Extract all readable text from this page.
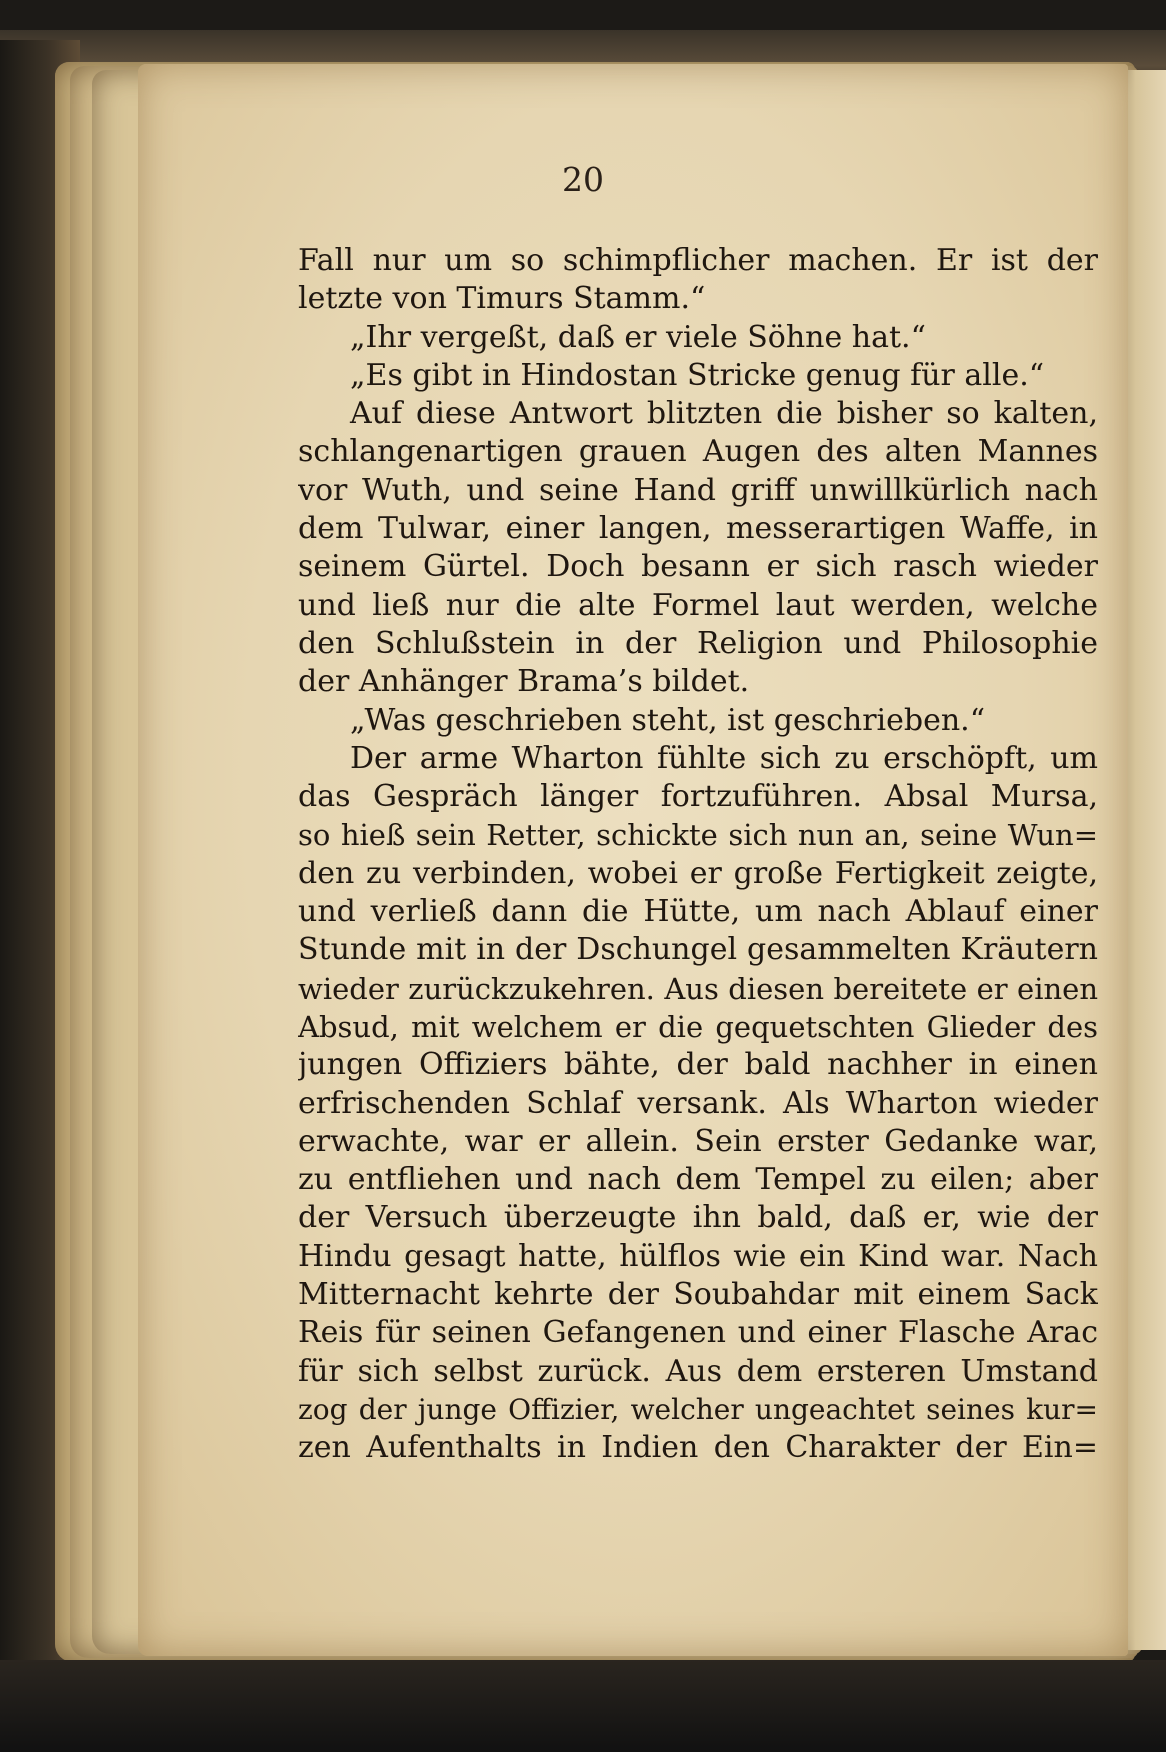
20
Fall nur um so schimpflicher machen. Er ist der
letzte von Timurs Stamm.“
„Ihr vergeßt, daß er viele Söhne hat.“
„Es gibt in Hindostan Stricke genug für alle.“
Auf diese Antwort blitzten die bisher so kalten,
schlangenartigen grauen Augen des alten Mannes
vor Wuth, und seine Hand griff unwillkürlich nach
dem Tulwar, einer langen, messerartigen Waffe, in
seinem Gürtel. Doch besann er sich rasch wieder
und ließ nur die alte Formel laut werden, welche
den Schlußstein in der Religion und Philosophie
der Anhänger Brama’s bildet.
„Was geschrieben steht, ist geschrieben.“
Der arme Wharton fühlte sich zu erschöpft, um
das Gespräch länger fortzuführen. Absal Mursa,
so hieß sein Retter, schickte sich nun an, seine Wun=
den zu verbinden, wobei er große Fertigkeit zeigte,
und verließ dann die Hütte, um nach Ablauf einer
Stunde mit in der Dschungel gesammelten Kräutern
wieder zurückzukehren. Aus diesen bereitete er einen
Absud, mit welchem er die gequetschten Glieder des
jungen Offiziers bähte, der bald nachher in einen
erfrischenden Schlaf versank. Als Wharton wieder
erwachte, war er allein. Sein erster Gedanke war,
zu entfliehen und nach dem Tempel zu eilen; aber
der Versuch überzeugte ihn bald, daß er, wie der
Hindu gesagt hatte, hülflos wie ein Kind war. Nach
Mitternacht kehrte der Soubahdar mit einem Sack
Reis für seinen Gefangenen und einer Flasche Arac
für sich selbst zurück. Aus dem ersteren Umstand
zog der junge Offizier, welcher ungeachtet seines kur=
zen Aufenthalts in Indien den Charakter der Ein=
